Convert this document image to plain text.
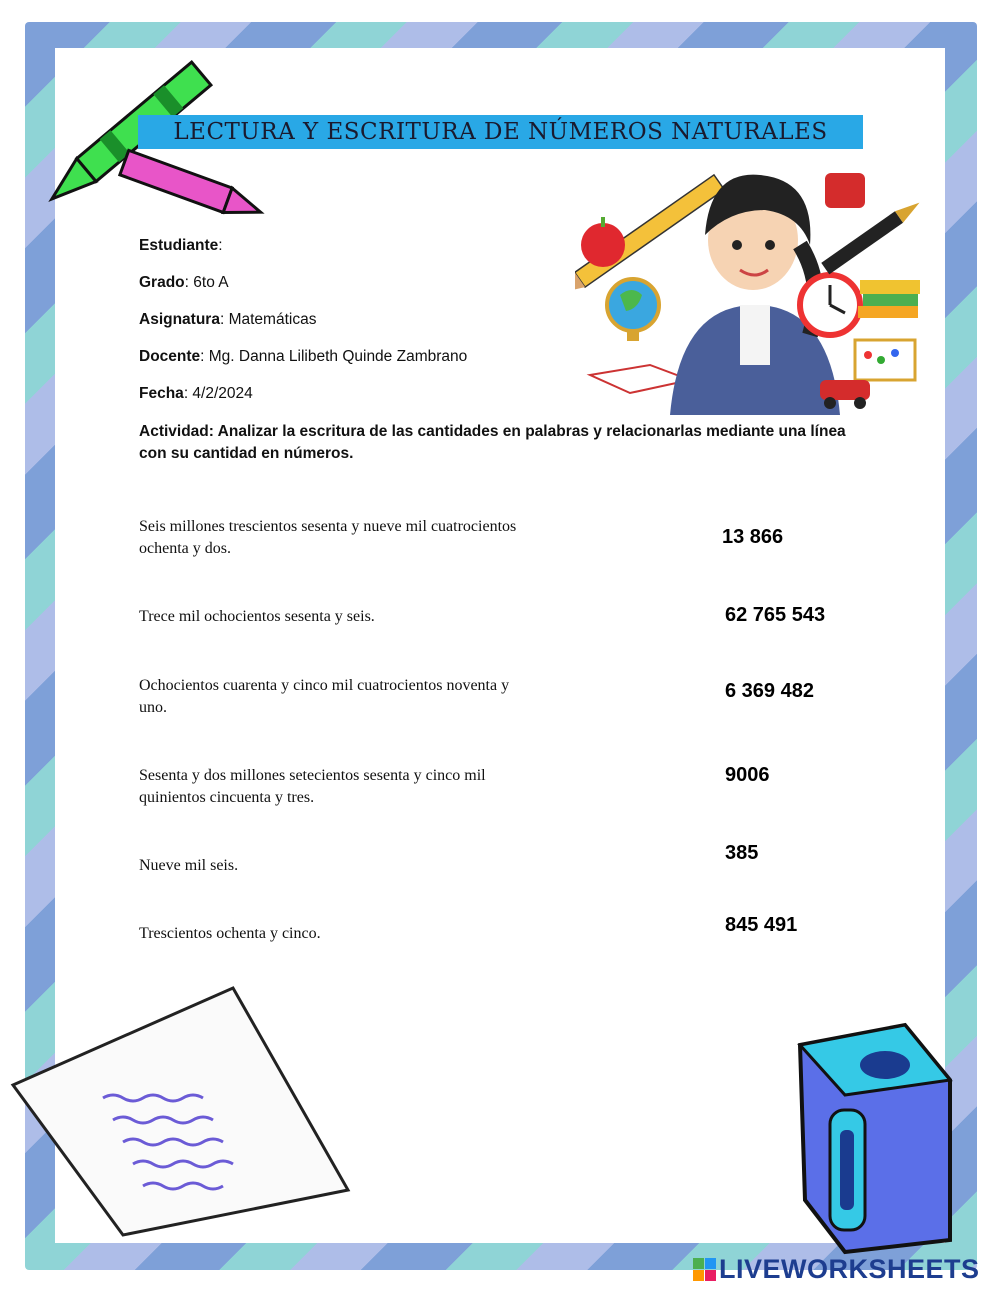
LECTURA Y ESCRITURA DE NÚMEROS NATURALES
Estudiante:
Grado: 6to A
Asignatura: Matemáticas
Docente: Mg. Danna Lilibeth Quinde Zambrano
Fecha: 4/2/2024
Actividad: Analizar la escritura de las cantidades en palabras y relacionarlas mediante una línea con su cantidad en números.
Seis millones trescientos sesenta y nueve mil cuatrocientos ochenta y dos.
Trece mil ochocientos sesenta y seis.
Ochocientos cuarenta y cinco mil cuatrocientos noventa y uno.
Sesenta y dos millones setecientos sesenta y cinco mil quinientos cincuenta y tres.
Nueve mil seis.
Trescientos ochenta y cinco.
13 866
62 765 543
6 369 482
9006
385
845 491
LIVEWORKSHEETS
